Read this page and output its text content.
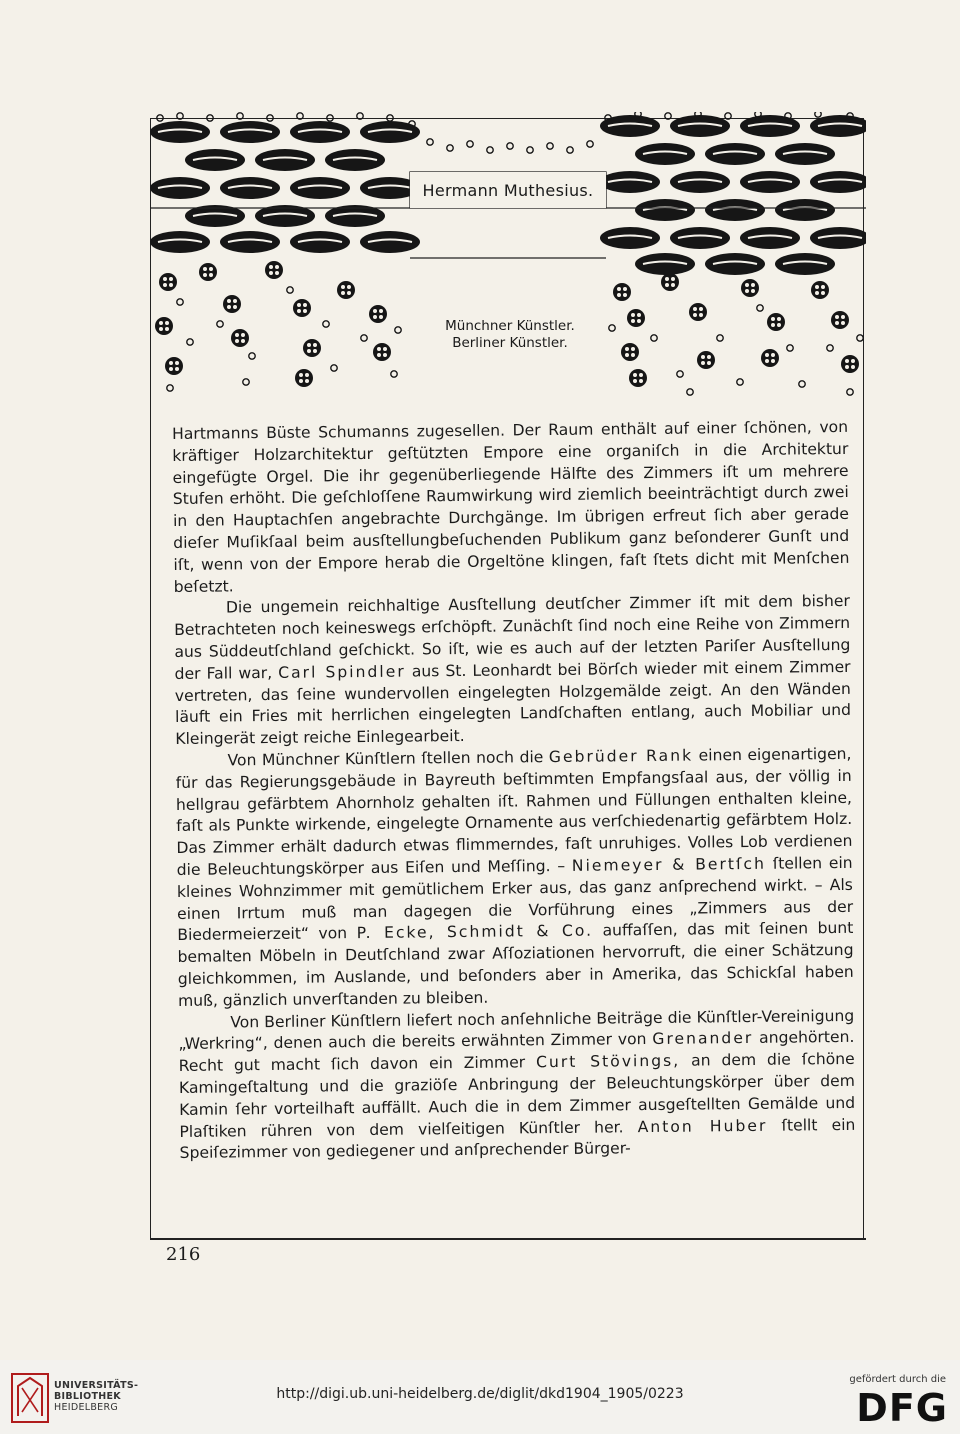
Hermann Muthesius.
Münchner Künstler.
Berliner Künstler.

Hartmanns Büste Schumanns zugesellen. Der Raum enthält auf einer ſchönen, von kräftiger Holzarchitektur geſtützten Empore eine organiſch in die Architektur eingefügte Orgel. Die ihr gegenüberliegende Hälfte des Zimmers iſt um mehrere Stufen erhöht. Die geſchloſſene Raumwirkung wird ziemlich beeinträchtigt durch zwei in den Hauptachſen angebrachte Durchgänge. Im übrigen erfreut ſich aber gerade dieſer Muſikſaal beim ausſtellungbeſuchenden Publikum ganz beſonderer Gunſt und iſt, wenn von der Empore herab die Orgeltöne klingen, faſt ſtets dicht mit Menſchen beſetzt.

Die ungemein reichhaltige Ausſtellung deutſcher Zimmer iſt mit dem bisher Betrachteten noch keineswegs erſchöpft. Zunächſt ſind noch eine Reihe von Zimmern aus Süddeutſchland geſchickt. So iſt, wie es auch auf der letzten Pariſer Ausſtellung der Fall war, Carl Spindler aus St. Leonhardt bei Börſch wieder mit einem Zimmer vertreten, das ſeine wundervollen eingelegten Holzgemälde zeigt. An den Wänden läuft ein Fries mit herrlichen eingelegten Landſchaften entlang, auch Mobiliar und Kleingerät zeigt reiche Einlegearbeit.

Von Münchner Künſtlern ſtellen noch die Gebrüder Rank einen eigenartigen, für das Regierungsgebäude in Bayreuth beſtimmten Empfangsſaal aus, der völlig in hellgrau gefärbtem Ahornholz gehalten iſt. Rahmen und Füllungen enthalten kleine, faſt als Punkte wirkende, eingelegte Ornamente aus verſchiedenartig gefärbtem Holz. Das Zimmer erhält dadurch etwas flimmerndes, faſt unruhiges. Volles Lob verdienen die Beleuchtungskörper aus Eiſen und Meſſing. – Niemeyer & Bertſch ſtellen ein kleines Wohnzimmer mit gemütlichem Erker aus, das ganz anſprechend wirkt. – Als einen Irrtum muß man dagegen die Vorführung eines „Zimmers aus der Biedermeierzeit“ von P. Ecke, Schmidt & Co. auffaſſen, das mit ſeinen bunt bemalten Möbeln in Deutſchland zwar Aſſoziationen hervorruft, die einer Schätzung gleichkommen, im Auslande, und beſonders aber in Amerika, das Schickſal haben muß, gänzlich unverſtanden zu bleiben.

Von Berliner Künſtlern liefert noch anſehnliche Beiträge die Künſtler-Vereinigung „Werkring“, denen auch die bereits erwähnten Zimmer von Grenander angehörten. Recht gut macht ſich davon ein Zimmer Curt Stövings, an dem die ſchöne Kamingeſtaltung und die graziöſe Anbringung der Beleuchtungskörper über dem Kamin ſehr vorteilhaft auffällt. Auch die in dem Zimmer ausgeſtellten Gemälde und Plaſtiken rühren von dem vielſeitigen Künſtler her. Anton Huber ſtellt ein Speiſezimmer von gediegener und anſprechender Bürger-

216
UNIVERSITÄTS-
BIBLIOTHEK
HEIDELBERG
http://digi.ub.uni-heidelberg.de/diglit/dkd1904_1905/0223
gefördert durch die
DFG
